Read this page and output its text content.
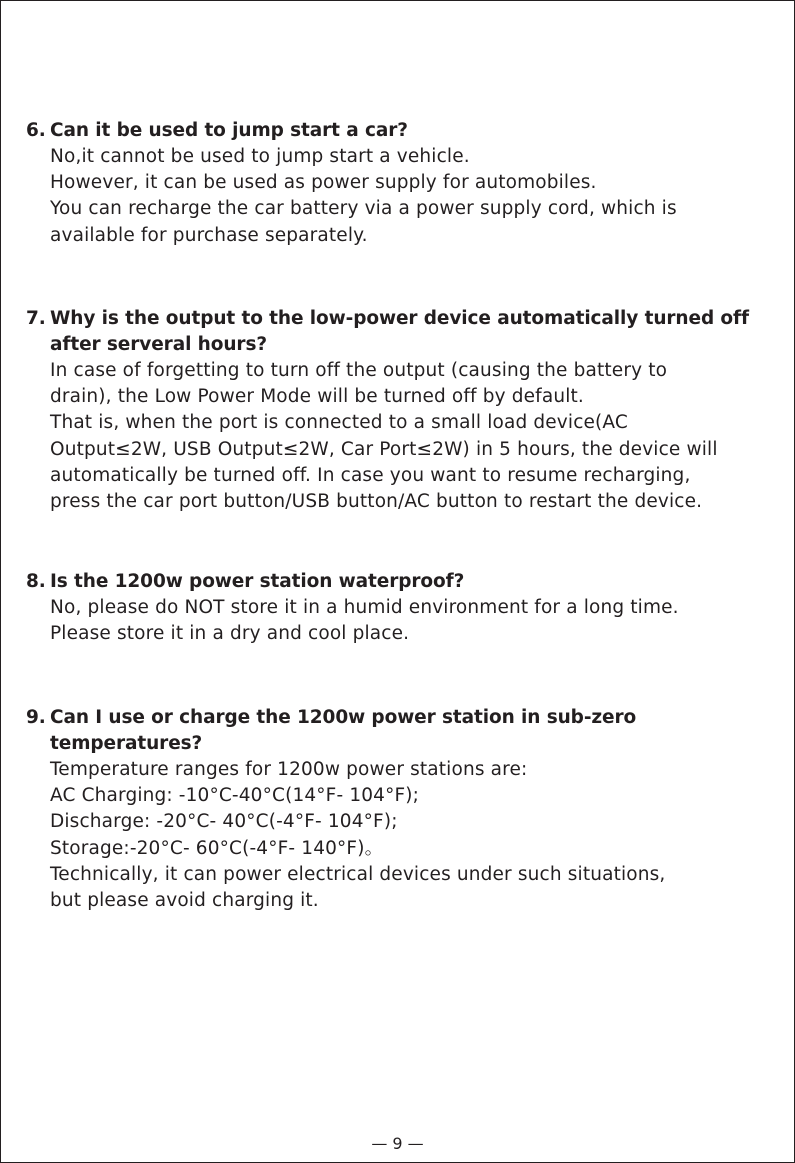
6. Can it be used to jump start a car?
No,it cannot be used to jump start a vehicle.
However, it can be used as power supply for automobiles.
You can recharge the car battery via a power supply cord, which is
available for purchase separately.
7. Why is the output to the low-power device automatically turned off
after serveral hours?
In case of forgetting to turn off the output (causing the battery to
drain), the Low Power Mode will be turned off by default.
That is, when the port is connected to a small load device(AC
Output≤2W, USB Output≤2W, Car Port≤2W) in 5 hours, the device will
automatically be turned off. In case you want to resume recharging,
press the car port button/USB button/AC button to restart the device.
8. Is the 1200w power station waterproof?
No, please do NOT store it in a humid environment for a long time.
Please store it in a dry and cool place.
9. Can I use or charge the 1200w power station in sub-zero temperatures?
Temperature ranges for 1200w power stations are:
AC Charging: -10°C-40°C(14°F- 104°F);
Discharge: -20°C- 40°C(-4°F- 104°F);
Storage:-20°C- 60°C(-4°F- 140°F)。
Technically, it can power electrical devices under such situations,
but please avoid charging it.
— 9 —
